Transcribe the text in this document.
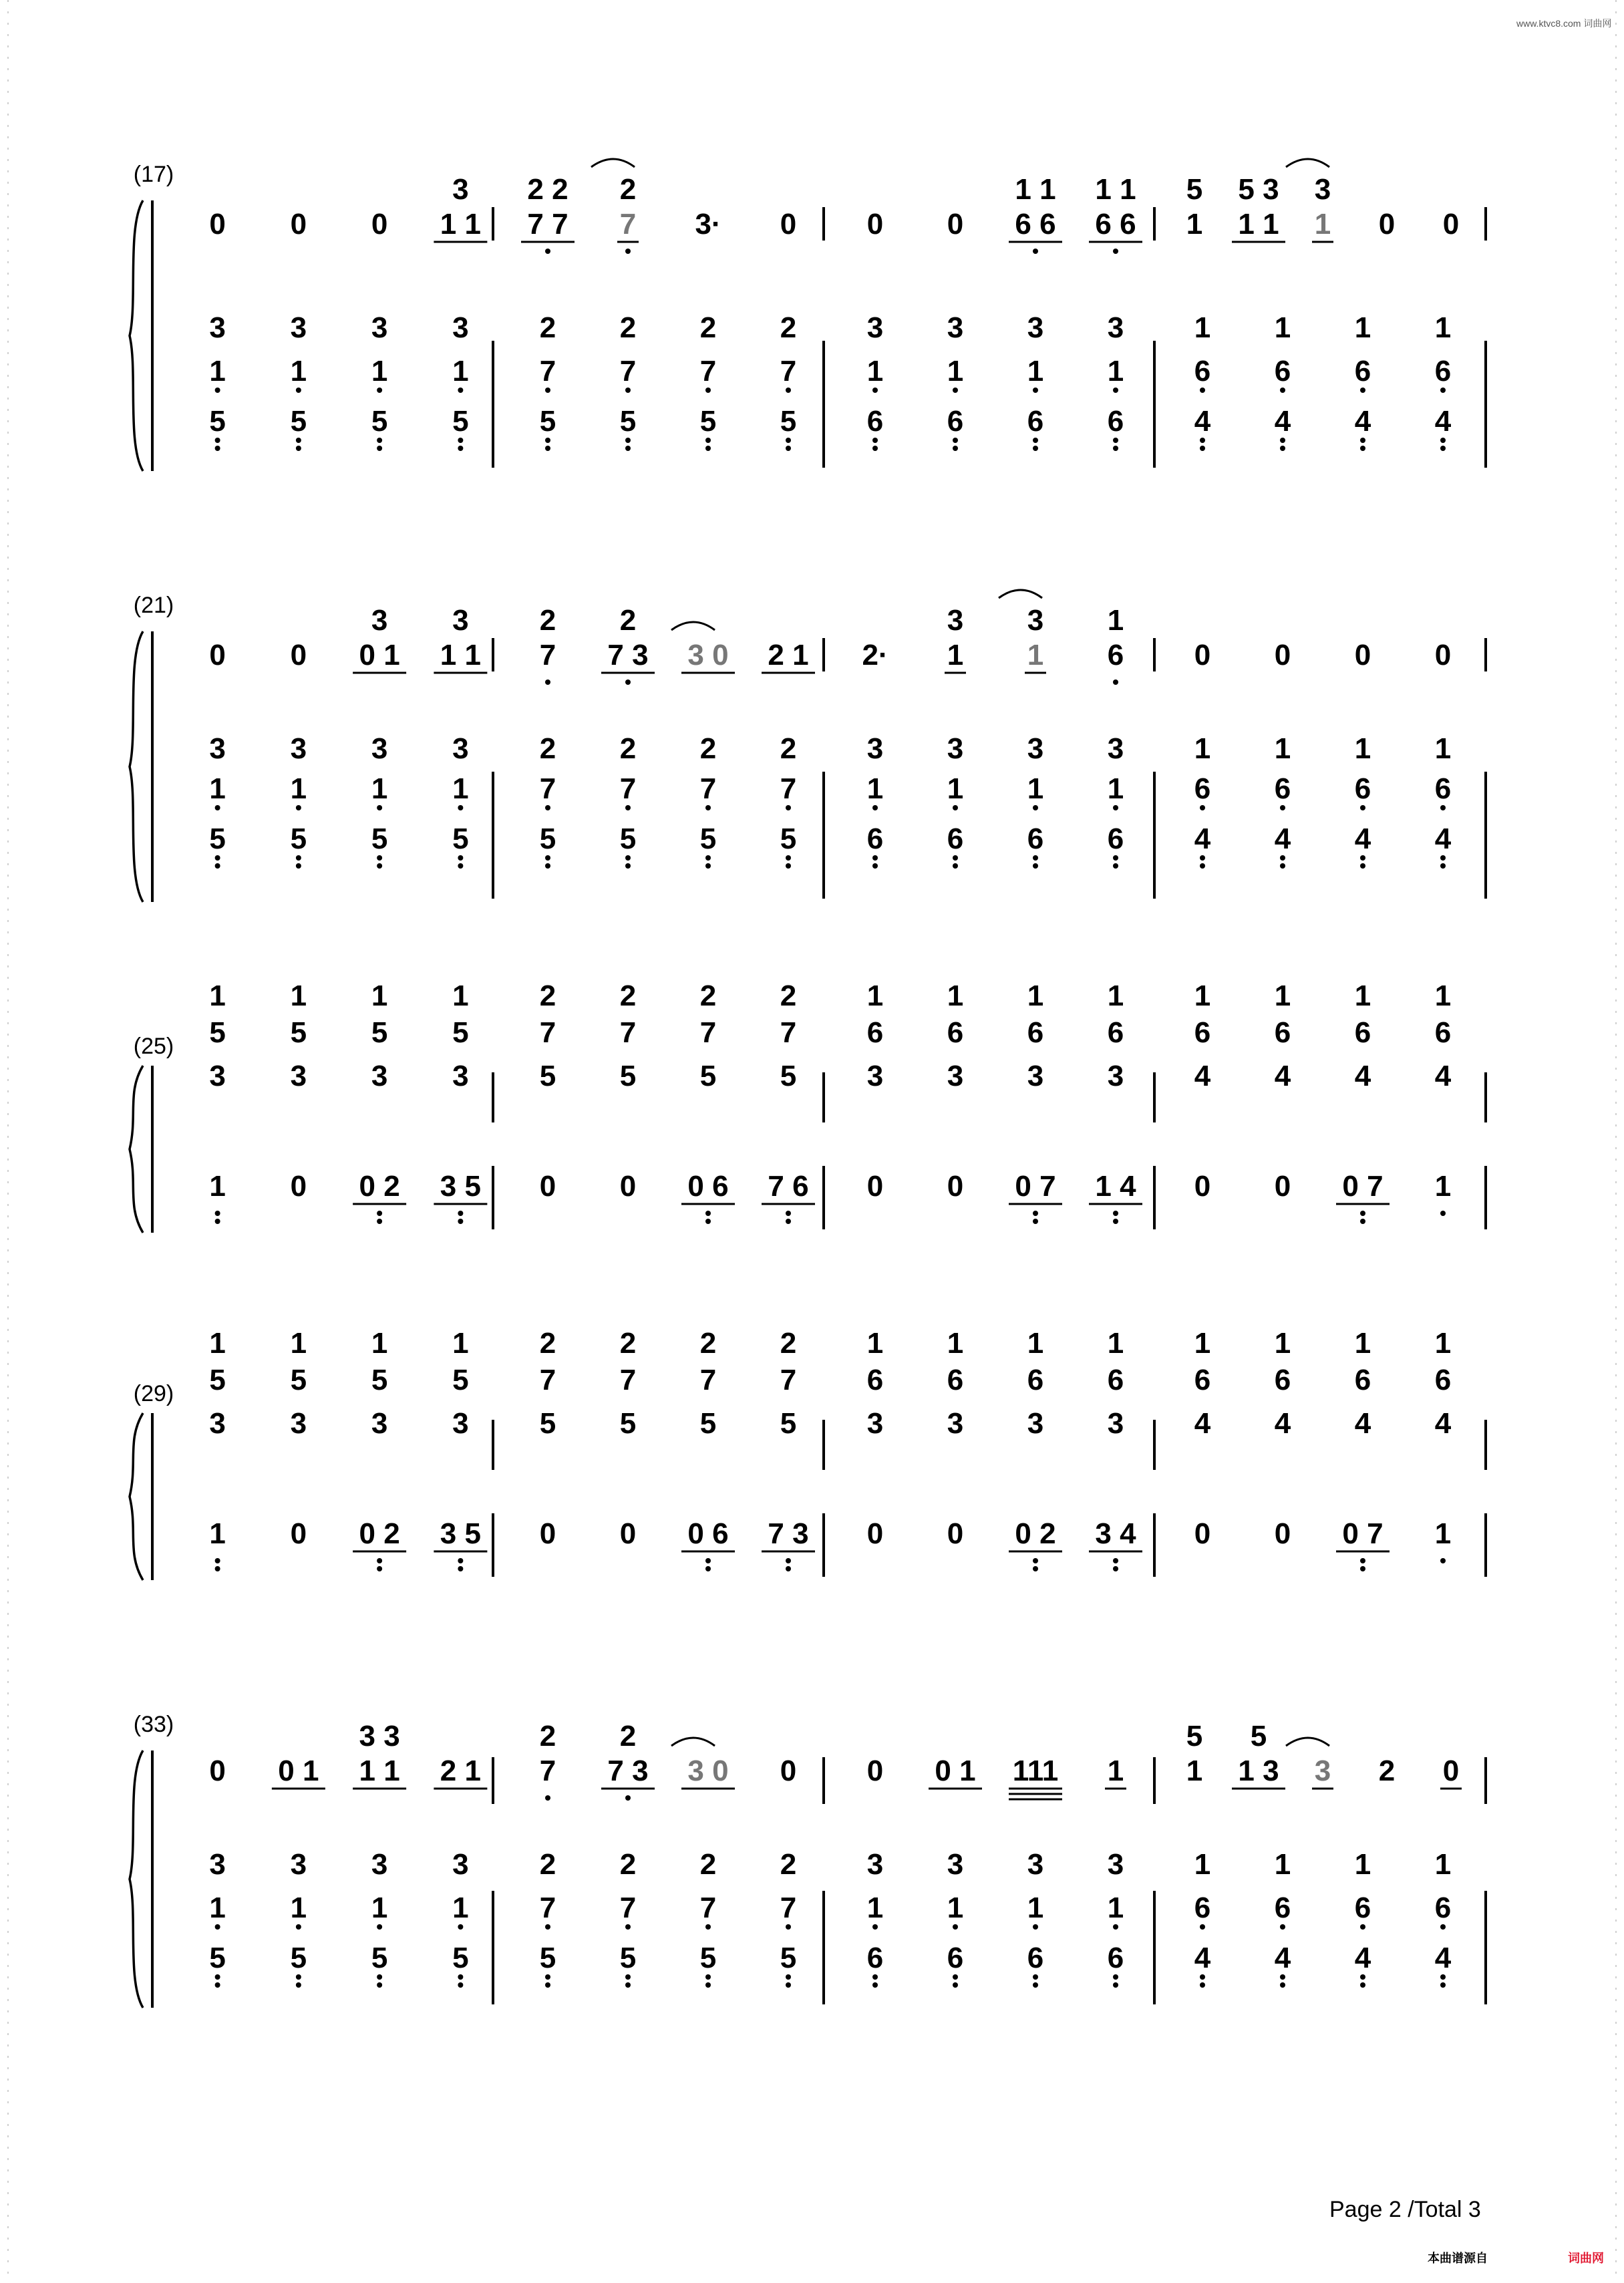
www.ktvc8.com 词曲网
(17)
0 0 0 1 1
3
7 7
2 2
7
2
3· 0 0 0 6 6
1 1
6 6
1 1
1
5
1 1
5 3
1
3
0 0
3
1
5
3
1
5
3
1
5
3
1
5
2
7
5
2
7
5
2
7
5
2
7
5
3
1
6
3
1
6
3
1
6
3
1
6
1
6
4
1
6
4
1
6
4
1
6
4
(21)
0 0 0 1
3
1 1
3
7
2
7 3
2
3 0 2 1 2· 1
3
1
3
6
1
0 0 0 0
3
1
5
3
1
5
3
1
5
3
1
5
2
7
5
2
7
5
2
7
5
2
7
5
3
1
6
3
1
6
3
1
6
3
1
6
1
6
4
1
6
4
1
6
4
1
6
4
(25)
1
5
3
1
5
3
1
5
3
1
5
3
2
7
5
2
7
5
2
7
5
2
7
5
1
6
3
1
6
3
1
6
3
1
6
3
1
6
4
1
6
4
1
6
4
1
6
4
1 0 0 2 3 5 0 0 0 6 7 6 0 0 0 7 1 4 0 0 0 7 1
(29)
1
5
3
1
5
3
1
5
3
1
5
3
2
7
5
2
7
5
2
7
5
2
7
5
1
6
3
1
6
3
1
6
3
1
6
3
1
6
4
1
6
4
1
6
4
1
6
4
1 0 0 2 3 5 0 0 0 6 7 3 0 0 0 2 3 4 0 0 0 7 1
(33)
0 0 1 1 1
3 3
2 1 7
2
7 3
2
3 0 0 0 0 1 111 1 1
5
1 3
5
3 2 0
3
1
5
3
1
5
3
1
5
3
1
5
2
7
5
2
7
5
2
7
5
2
7
5
3
1
6
3
1
6
3
1
6
3
1
6
1
6
4
1
6
4
1
6
4
1
6
4
Page 2 /Total 3
本曲谱源自	词曲网
